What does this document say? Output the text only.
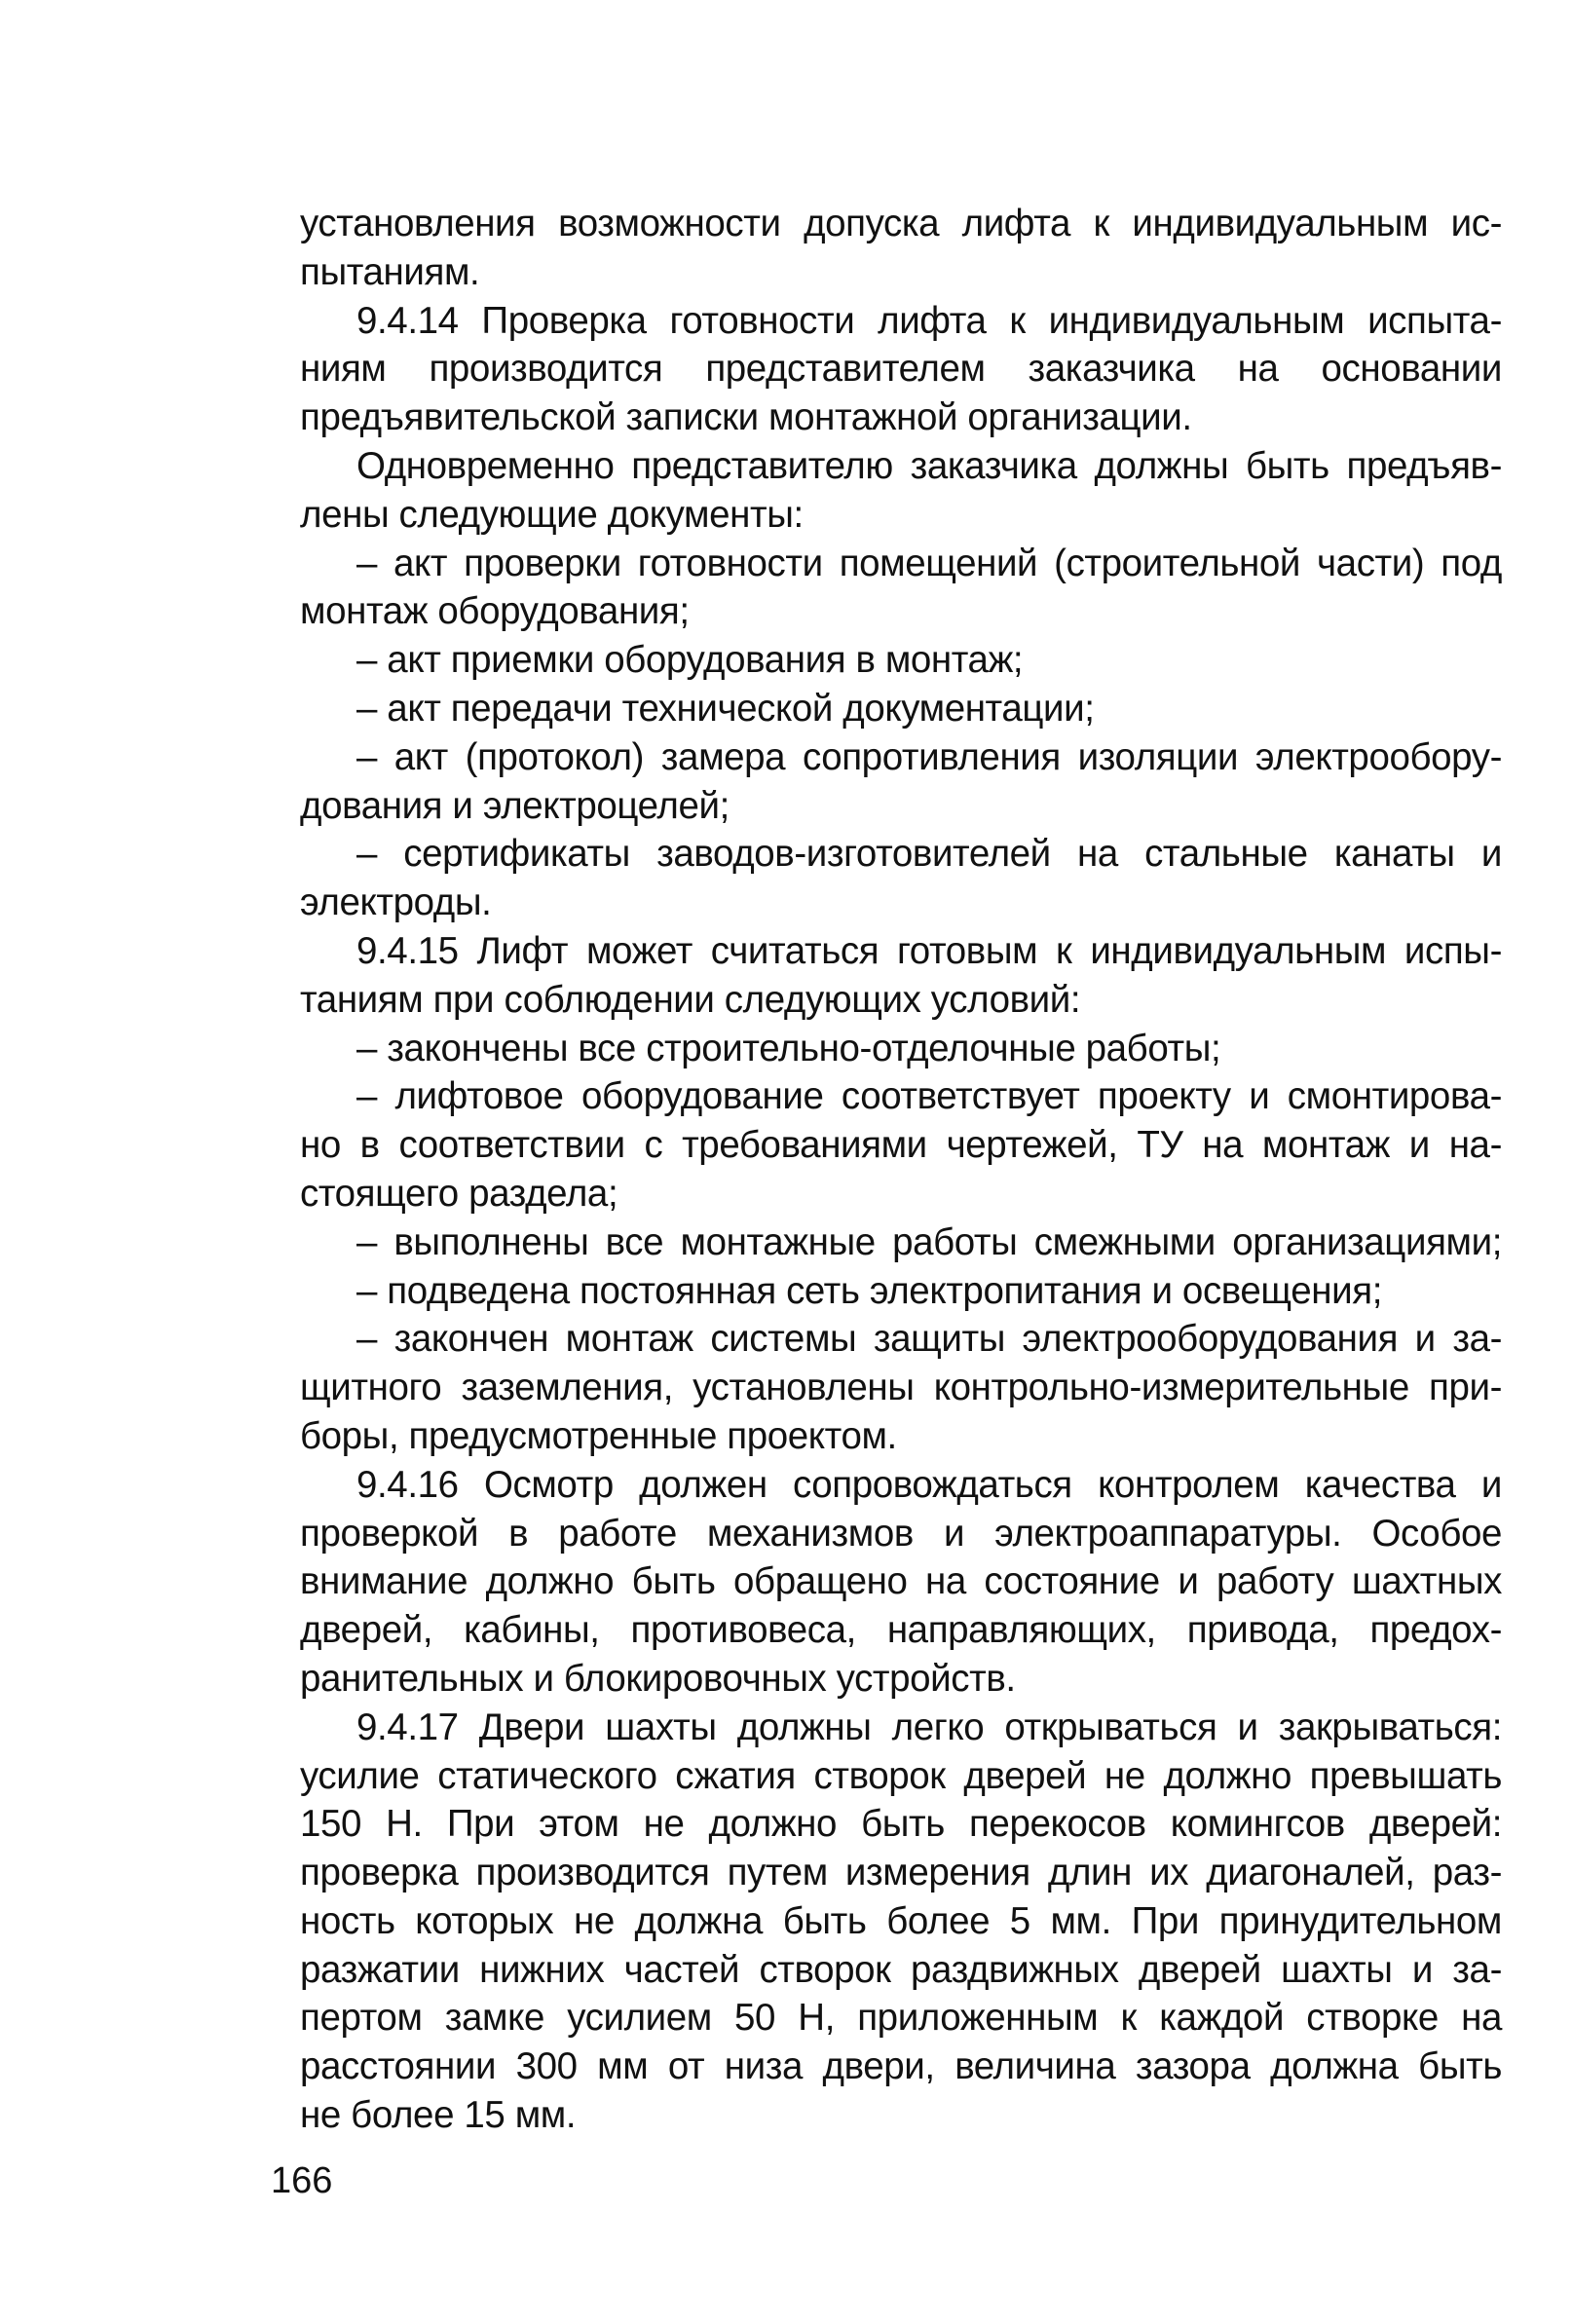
установления возможности допуска лифта к индивидуальным ис-
пытаниям.
9.4.14 Проверка готовности лифта к индивидуальным испыта-
ниям производится представителем заказчика на основании
предъявительской записки монтажной организации.
Одновременно представителю заказчика должны быть предъяв-
лены следующие документы:
– акт проверки готовности помещений (строительной части) под
монтаж оборудования;
– акт приемки оборудования в монтаж;
– акт передачи технической документации;
– акт (протокол) замера сопротивления изоляции электрообору-
дования и электроцелей;
– сертификаты заводов-изготовителей на стальные канаты и
электроды.
9.4.15 Лифт может считаться готовым к индивидуальным испы-
таниям при соблюдении следующих условий:
– закончены все строительно-отделочные работы;
– лифтовое оборудование соответствует проекту и смонтирова-
но в соответствии с требованиями чертежей, ТУ на монтаж и на-
стоящего раздела;
– выполнены все монтажные работы смежными организациями;
– подведена постоянная сеть электропитания и освещения;
– закончен монтаж системы защиты электрооборудования и за-
щитного заземления, установлены контрольно-измерительные при-
боры, предусмотренные проектом.
9.4.16 Осмотр должен сопровождаться контролем качества и
проверкой в работе механизмов и электроаппаратуры. Особое
внимание должно быть обращено на состояние и работу шахтных
дверей, кабины, противовеса, направляющих, привода, предох-
ранительных и блокировочных устройств.
9.4.17 Двери шахты должны легко открываться и закрываться:
усилие статического сжатия створок дверей не должно превышать
150 Н. При этом не должно быть перекосов комингсов дверей:
проверка производится путем измерения длин их диагоналей, раз-
ность которых не должна быть более 5 мм. При принудительном
разжатии нижних частей створок раздвижных дверей шахты и за-
пертом замке усилием 50 Н, приложенным к каждой створке на
расстоянии 300 мм от низа двери, величина зазора должна быть
не более 15 мм.
166
